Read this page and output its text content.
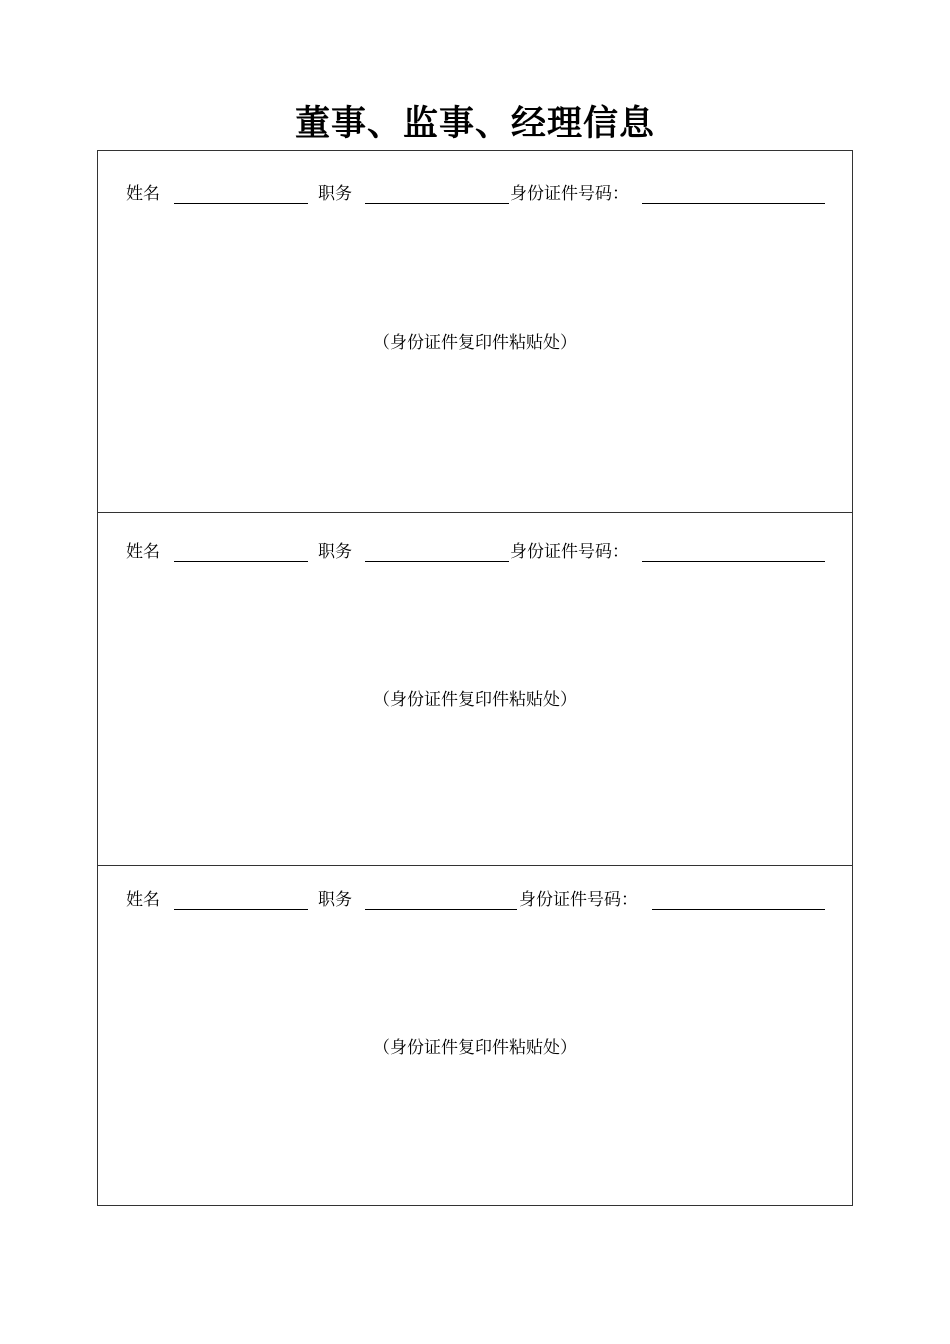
董事、监事、经理信息
姓名	职务	身份证件号码：
（身份证件复印件粘贴处）
姓名	职务	身份证件号码：
（身份证件复印件粘贴处）
姓名	职务	身份证件号码：
（身份证件复印件粘贴处）
